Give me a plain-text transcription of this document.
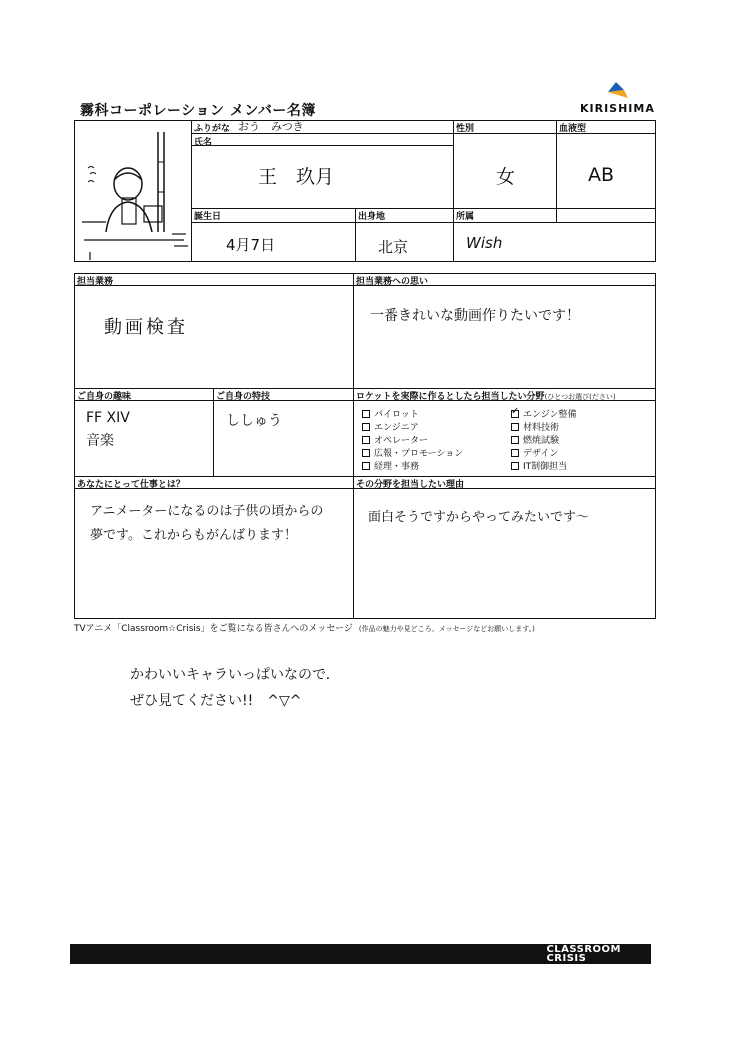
霧科コーポレーション メンバー名簿	KIRISHIMA
ふりがな おう　みつき
氏名
王　玖月
性別
女
血液型
AB
誕生日
4月7日
出身地
北京
所属
Wish
担当業務
動画検査
担当業務への思い
一番きれいな動画作りたいです！
ご自身の趣味
FF XIV
音楽
ご自身の特技
ししゅう
ロケットを実際に作るとしたら担当したい分野(ひとつお選び(ださい)
パイロット
エンジニア
オペレーター
広報・プロモーション
経理・事務
✓
エンジン整備
材料技術
燃焼試験
デザイン
IT制御担当
あなたにとって仕事とは？
アニメーターになるのは子供の頃からの
夢です。これからもがんばります！
その分野を担当したい理由
面白そうですからやってみたいです～
TVアニメ「Classroom☆Crisis」をご覧になる皆さんへのメッセージ (作品の魅力や見どころ、メッセージなどお願いします。)
かわいいキャラいっぱいなので．
ぜひ見てください!!　^▽^
CLASSROOM
CRISIS
